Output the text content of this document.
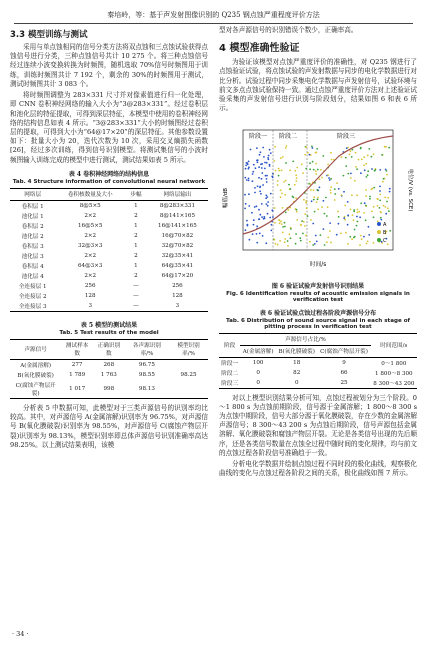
秦培岭，等：基于声发射图像识别的 Q235 钢点蚀严重程度评价方法
3.3 模型训练与测试

采用与单点蚀相同的信号分类方法将双点蚀和三点蚀试验获得点蚀信号进行分类，三种点蚀信号共计 10 275 个。将三种点蚀信号经过连续小波变换转换为时频图，随机选取 70%信号时频图用于训练，训练时频图共计 7 192 个，剩余的 30%的时频图用于测试，测试时频图共计 3 083 个。

将时频图调整为 283×331 尺寸并对像素值进行归一化处理，即 CNN 卷积神经网络的输入大小为“3@283×331”。经过卷积层和池化层的特征提取，可得到深层特征，本模型中使用的卷积神经网络的结构信息如表 4 所示。“3@283×331”大小的时频图经过卷积层的提取，可得到大小为“64@17×20”的深层特征。其他参数设置如下：批量大小为 20，迭代次数为 10 次，采用交叉熵损失函数[26]，经过多次训练，得到信号识别模型。将测试集信号的小波时频图输入训练完成的模型中进行测试，测试结果如表 5 所示。

表 4 卷积神经网络的结构信息
Tab. 4 Structure information of convolutional neural network
网络层	卷积核数量及大小	步幅	网络层输出
卷积层 1	8@5×5	1	8@283×331
池化层 1	2×2	2	8@141×165
卷积层 2	16@5×5	1	16@141×165
池化层 2	2×2	2	16@70×82
卷积层 3	32@3×3	1	32@70×82
池化层 3	2×2	2	32@35×41
卷积层 4	64@3×3	1	64@35×41
池化层 4	2×2	2	64@17×20
全连接层 1	256	—	256
全连接层 2	128	—	128
全连接层 3	3	—	3
表 5 模型的测试结果
Tab. 5 Test results of the model
声源信号	测试样本数	正确识别数	各声源识别率/%	模型识别率/%
A(金属溶解)	277	268	96.75	
B(氧化膜破裂)	1 789	1 763	98.55	98.25
C(腐蚀产物层开裂)	1 017	998	98.13	

分析表 5 中数据可知，此模型对于三类声源信号的识别率均比较高。其中，对声源信号 A(金属溶解)识别率为 96.75%，对声源信号 B(氧化膜破裂)识别率为 98.55%，对声源信号 C(腐蚀产物层开裂)识别率为 98.13%，模型识别率即总体声源信号识别准确率高达 98.25%。以上测试结果表明，该模

型对各声源信号的识别错误个数少，正确率高。

4 模型准确性验证

为验证该模型对点蚀严重度评价的准确性，对 Q235 钢进行了点蚀验证试验，将点蚀试验的声发射数据与同步的电化学数据进行对比分析。试验过程中同步采集电化学数据与声发射信号，试验环境与前文多点点蚀试验保持一致。通过点蚀严重度评价方法对上述验证试验采集的声发射信号进行识别与阶段划分，结果如图 6 和表 6 所示。

阶段一 阶段二	阶段三
幅值/dB	电位/V (vs. SCE)
时间/s
A
B
C
图 6 验证试验声发射信号识别结果
Fig. 6 Identification results of acoustic emission signals in verification test
表 6 验证试验点蚀过程各阶段声源信号分布
Tab. 6 Distribution of sound source signal in each stage of pitting process in verification test
阶段	声源信号占比/%			时间范围/s
	A(金属溶解)	B(氧化膜破裂)	C(腐蚀产物层开裂)	
阶段一	100	18	9	0～1 800
阶段二	0	82	66	1 800～8 300
阶段三	0	0	25	8 300～43 200

对以上模型识别结果分析可知，点蚀过程被划分为三个阶段。0～1 800 s 为点蚀前期阶段，信号源于金属溶解；1 800～8 300 s 为点蚀中期阶段，信号大部分源于氧化膜破裂，存在少数的金属溶解声源信号；8 300～43 200 s 为点蚀后期阶段，信号声源包括金属溶解、氧化膜破裂和腐蚀产物层开裂。无论是各类信号出现的先后顺序，还是各类信号数量在点蚀全过程中随时间的变化规律，均与前文的点蚀过程各阶段信号准确趋于一致。

分析电化学数据并绘制点蚀过程不同时段的极化曲线，观察极化曲线的变化与点蚀过程各阶段之间的关系，极化曲线如图 7 所示。

· 34 ·
